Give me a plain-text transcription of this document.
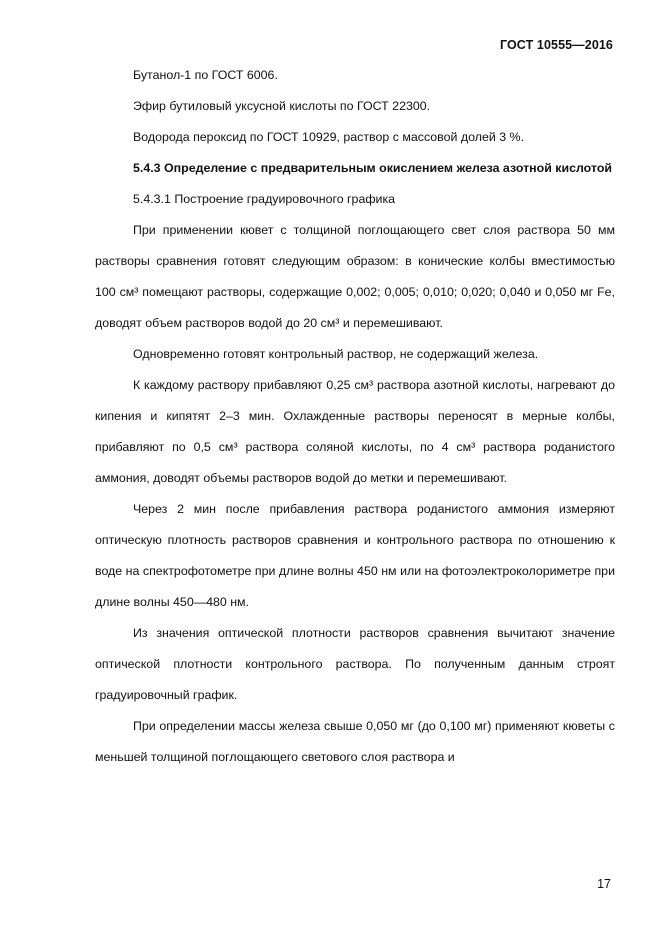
ГОСТ 10555—2016

Бутанол-1 по ГОСТ 6006.

Эфир бутиловый уксусной кислоты по ГОСТ 22300.

Водорода пероксид по ГОСТ 10929, раствор с массовой долей 3 %.

5.4.3 Определение с предварительным окислением железа азотной кислотой

5.4.3.1 Построение градуировочного графика

При применении кювет с толщиной поглощающего свет слоя раствора 50 мм растворы сравнения готовят следующим образом: в конические колбы вместимостью 100 см³ помещают растворы, содержащие 0,002; 0,005; 0,010; 0,020; 0,040 и 0,050 мг Fe, доводят объем растворов водой до 20 см³ и перемешивают.

Одновременно готовят контрольный раствор, не содержащий железа.

К каждому раствору прибавляют 0,25 см³ раствора азотной кислоты, нагревают до кипения и кипятят 2–3 мин. Охлажденные растворы переносят в мерные колбы, прибавляют по 0,5 см³ раствора соляной кислоты, по 4 см³ раствора роданистого аммония, доводят объемы растворов водой до метки и перемешивают.

Через 2 мин после прибавления раствора роданистого аммония измеряют оптическую плотность растворов сравнения и контрольного раствора по отношению к воде на спектрофотометре при длине волны 450 нм или на фотоэлектроколориметре при длине волны 450—480 нм.

Из значения оптической плотности растворов сравнения вычитают значение оптической плотности контрольного раствора. По полученным данным строят градуировочный график.

При определении массы железа свыше 0,050 мг (до 0,100 мг) применяют кюветы с меньшей толщиной поглощающего светового слоя раствора и

17
